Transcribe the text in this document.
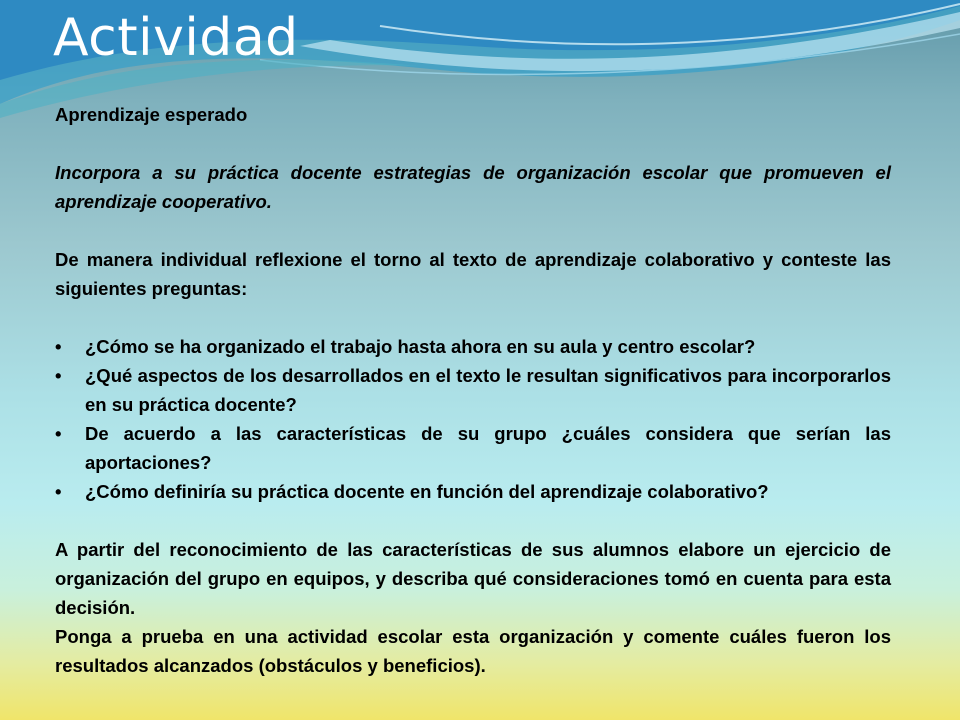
Actividad

Aprendizaje esperado

Incorpora a su práctica docente estrategias de organización escolar que promueven el aprendizaje cooperativo.

De manera individual reflexione el torno al texto de aprendizaje colaborativo y conteste las siguientes preguntas:

• ¿Cómo se ha organizado el trabajo hasta ahora en su aula y centro escolar?
• ¿Qué aspectos de los desarrollados en el texto le resultan significativos para incorporarlos en su práctica docente?
• De acuerdo a las características de su grupo ¿cuáles considera que serían las aportaciones?
• ¿Cómo definiría su práctica docente en función del aprendizaje colaborativo?

A partir del reconocimiento de las características de sus alumnos elabore un ejercicio de organización del grupo en equipos, y describa qué consideraciones tomó en cuenta para esta decisión.

Ponga a prueba en una actividad escolar esta organización y comente cuáles fueron los resultados alcanzados (obstáculos y beneficios).
